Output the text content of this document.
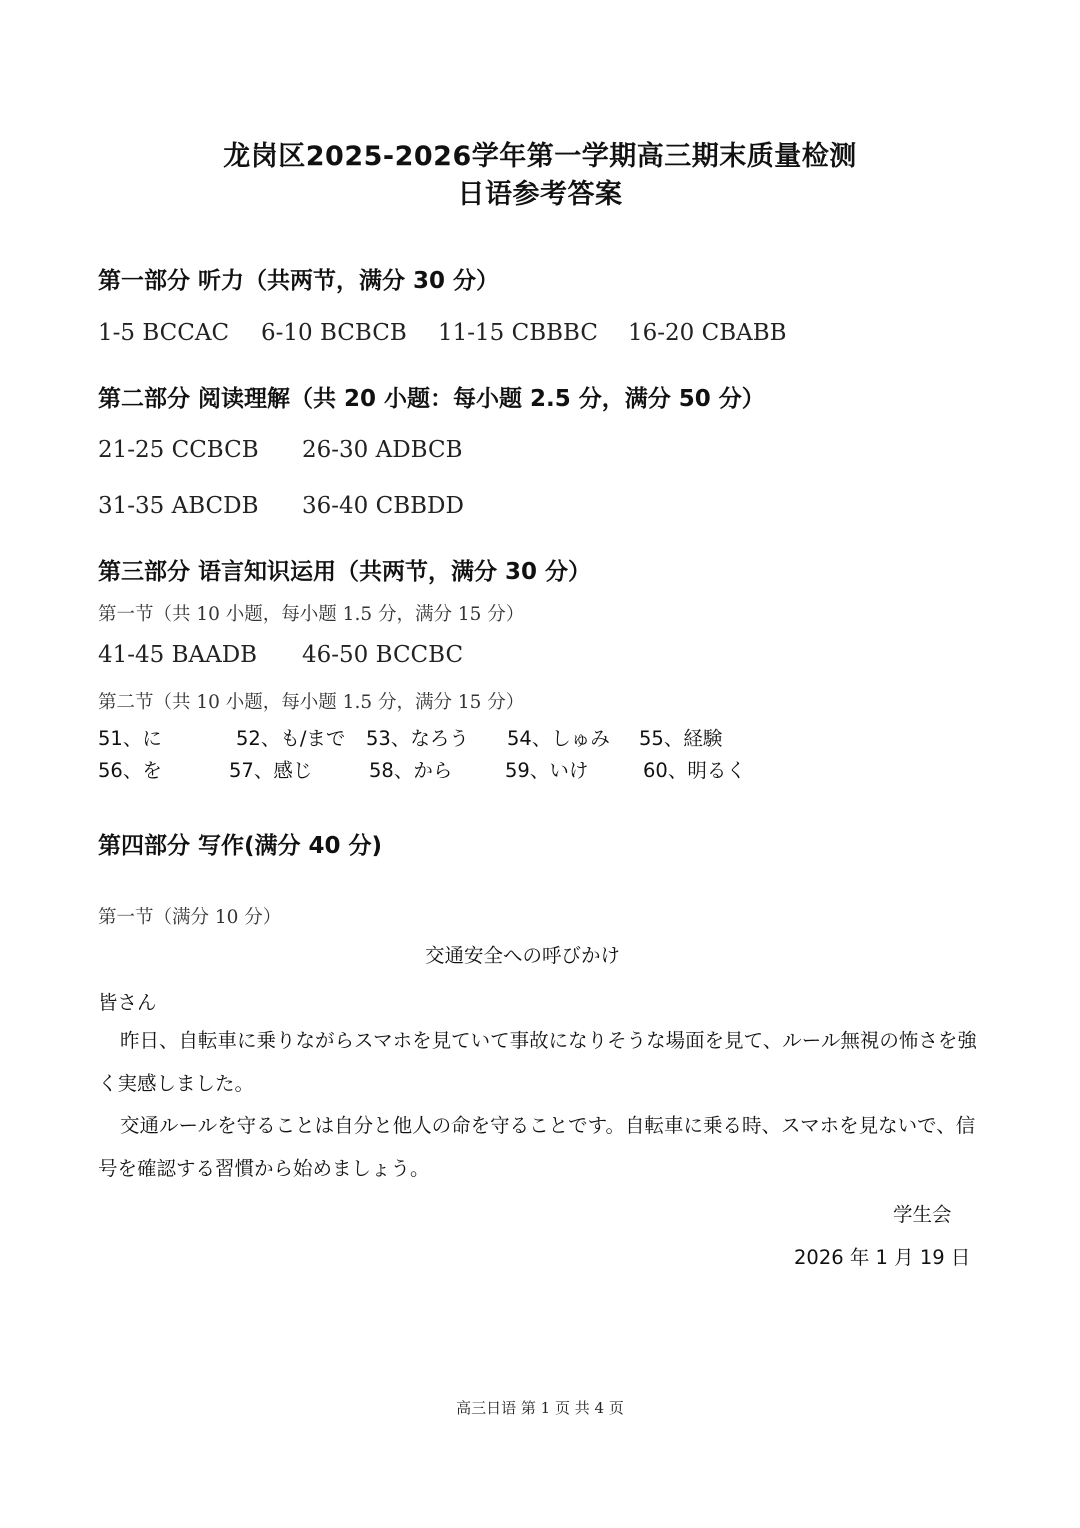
龙岗区2025-2026学年第一学期高三期末质量检测
日语参考答案
第一部分 听力（共两节，满分 30 分）
1-5 BCCAC 6-10 BCBCB 11-15 CBBBC 16-20 CBABB
第二部分 阅读理解（共 20 小题：每小题 2.5 分，满分 50 分）
21-25 CCBCB 26-30 ADBCB
31-35 ABCDB 36-40 CBBDD
第三部分 语言知识运用（共两节，满分 30 分）
第一节（共 10 小题，每小题 1.5 分，满分 15 分）
41-45 BAADB 46-50 BCCBC
第二节（共 10 小题，每小题 1.5 分，满分 15 分）
51、に	52、も/まで 53、なろう 54、しゅみ 55、経験
56、を	57、感じ	58、から	59、いけ	60、明るく
第四部分 写作(满分 40 分)
第一节（满分 10 分）
交通安全への呼びかけ
皆さん
昨日、自転車に乗りながらスマホを見ていて事故になりそうな場面を見て、ルール無視の怖さを強く実感しました。
交通ルールを守ることは自分と他人の命を守ることです。自転車に乗る時、スマホを見ないで、信号を確認する習慣から始めましょう。
学生会
2026 年 1 月 19 日
高三日语 第 1 页 共 4 页
